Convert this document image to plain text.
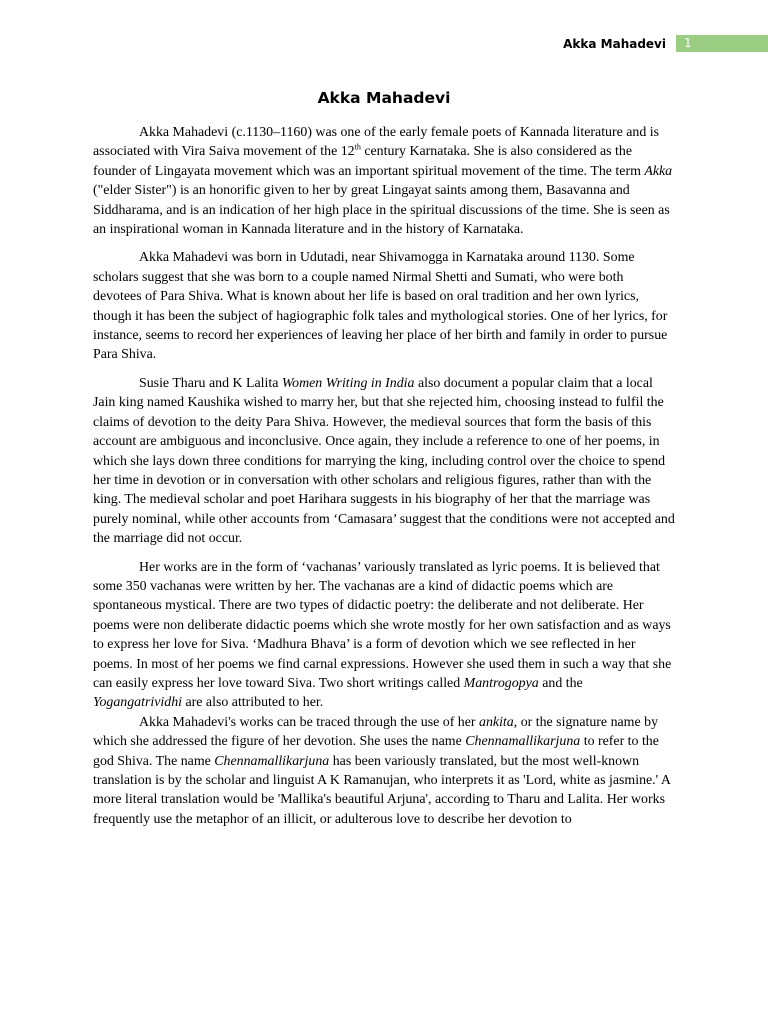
Akka Mahadevi	1
Akka Mahadevi

Akka Mahadevi (c.1130–1160) was one of the early female poets of Kannada literature and is associated with Vira Saiva movement of the 12th century Karnataka. She is also considered as the founder of Lingayata movement which was an important spiritual movement of the time. The term Akka ("elder Sister") is an honorific given to her by great Lingayat saints among them, Basavanna and Siddharama, and is an indication of her high place in the spiritual discussions of the time. She is seen as an inspirational woman in Kannada literature and in the history of Karnataka.

Akka Mahadevi was born in Udutadi, near Shivamogga in Karnataka around 1130. Some scholars suggest that she was born to a couple named Nirmal Shetti and Sumati, who were both devotees of Para Shiva. What is known about her life is based on oral tradition and her own lyrics, though it has been the subject of hagiographic folk tales and mythological stories. One of her lyrics, for instance, seems to record her experiences of leaving her place of her birth and family in order to pursue Para Shiva.

Susie Tharu and K Lalita Women Writing in India also document a popular claim that a local Jain king named Kaushika wished to marry her, but that she rejected him, choosing instead to fulfil the claims of devotion to the deity Para Shiva. However, the medieval sources that form the basis of this account are ambiguous and inconclusive. Once again, they include a reference to one of her poems, in which she lays down three conditions for marrying the king, including control over the choice to spend her time in devotion or in conversation with other scholars and religious figures, rather than with the king. The medieval scholar and poet Harihara suggests in his biography of her that the marriage was purely nominal, while other accounts from ‘Camasara’ suggest that the conditions were not accepted and the marriage did not occur.

Her works are in the form of ‘vachanas’ variously translated as lyric poems. It is believed that some 350 vachanas were written by her. The vachanas are a kind of didactic poems which are spontaneous mystical. There are two types of didactic poetry: the deliberate and not deliberate. Her poems were non deliberate didactic poems which she wrote mostly for her own satisfaction and as ways to express her love for Siva. ‘Madhura Bhava’ is a form of devotion which we see reflected in her poems. In most of her poems we find carnal expressions. However she used them in such a way that she can easily express her love toward Siva. Two short writings called Mantrogopya and the Yogangatrividhi are also attributed to her.

Akka Mahadevi's works can be traced through the use of her ankita, or the signature name by which she addressed the figure of her devotion. She uses the name Chennamallikarjuna to refer to the god Shiva. The name Chennamallikarjuna has been variously translated, but the most well-known translation is by the scholar and linguist A K Ramanujan, who interprets it as 'Lord, white as jasmine.' A more literal translation would be 'Mallika's beautiful Arjuna', according to Tharu and Lalita. Her works frequently use the metaphor of an illicit, or adulterous love to describe her devotion to
